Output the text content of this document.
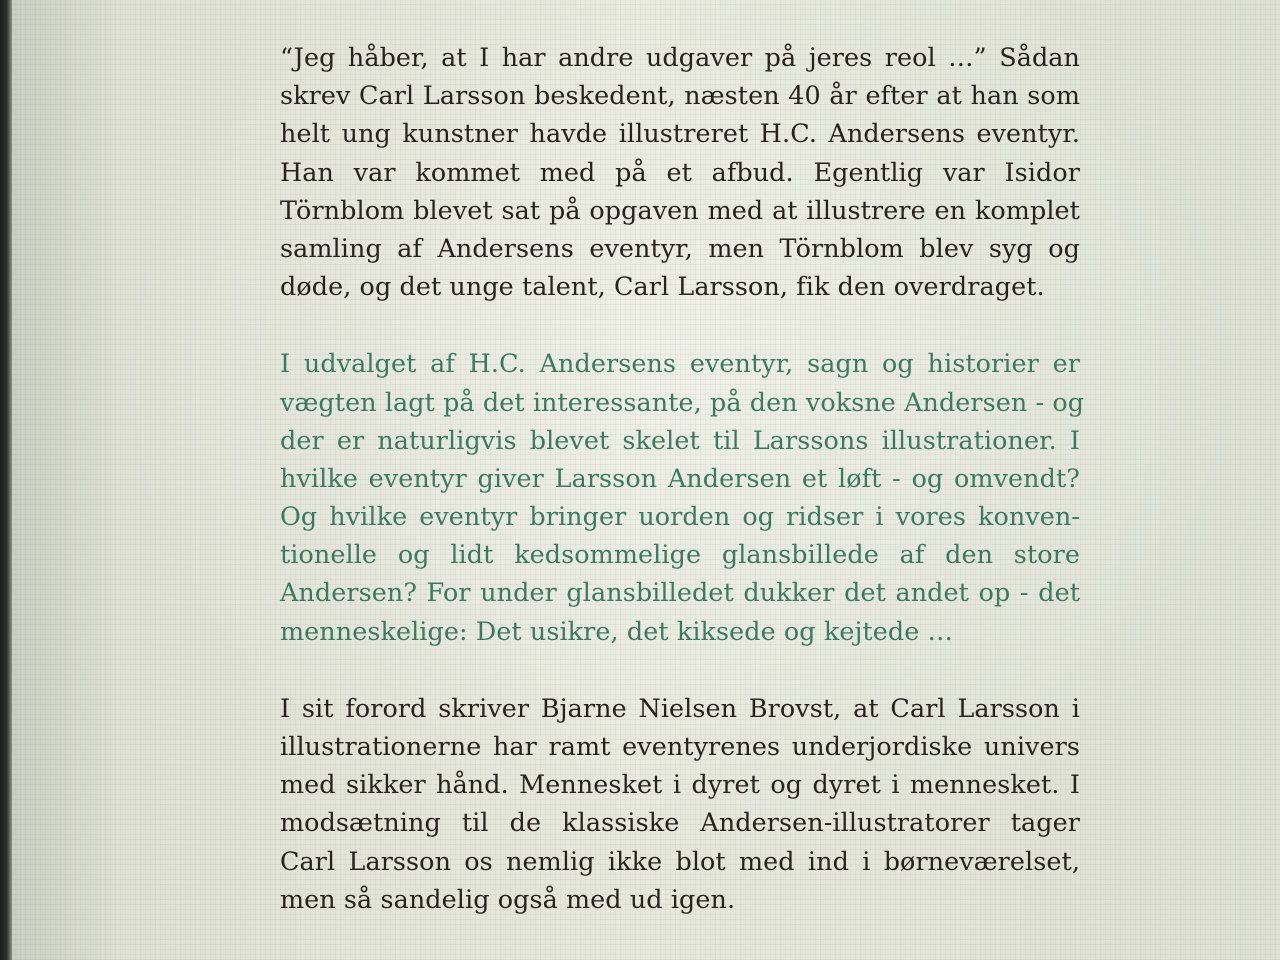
“Jeg håber, at I har andre udgaver på jeres reol …” Sådan
skrev Carl Larsson beskedent, næsten 40 år efter at han som
helt ung kunstner havde illustreret H.C. Andersens eventyr.
Han var kommet med på et afbud. Egentlig var Isidor
Törnblom blevet sat på opgaven med at illustrere en komplet
samling af Andersens eventyr, men Törnblom blev syg og
døde, og det unge talent, Carl Larsson, fik den overdraget.
I udvalget af H.C. Andersens eventyr, sagn og historier er
vægten lagt på det interessante, på den voksne Andersen - og
der er naturligvis blevet skelet til Larssons illustrationer. I
hvilke eventyr giver Larsson Andersen et løft - og omvendt?
Og hvilke eventyr bringer uorden og ridser i vores konven-
tionelle og lidt kedsommelige glansbillede af den store
Andersen? For under glansbilledet dukker det andet op - det
menneskelige: Det usikre, det kiksede og kejtede …
I sit forord skriver Bjarne Nielsen Brovst, at Carl Larsson i
illustrationerne har ramt eventyrenes underjordiske univers
med sikker hånd. Mennesket i dyret og dyret i mennesket. I
modsætning til de klassiske Andersen-illustratorer tager
Carl Larsson os nemlig ikke blot med ind i børneværelset,
men så sandelig også med ud igen.
